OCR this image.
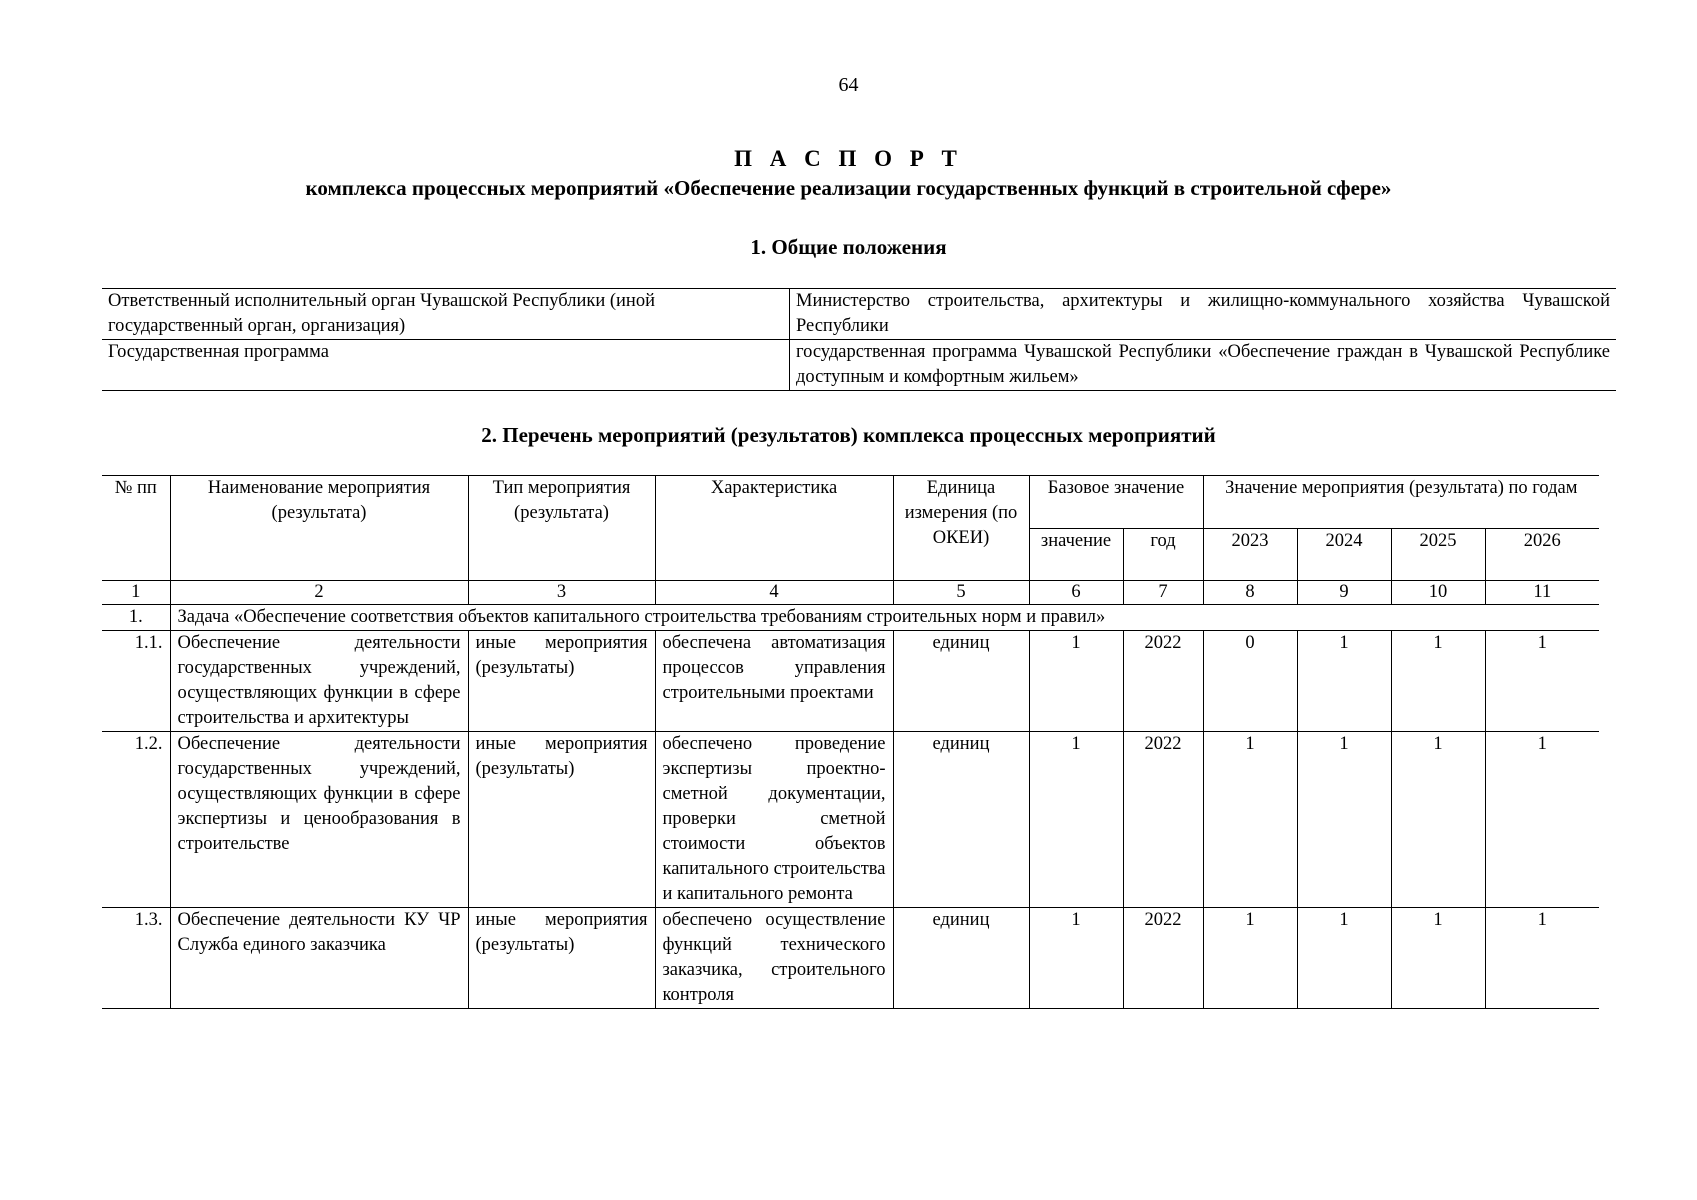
64
П А С П О Р Т
комплекса процессных мероприятий «Обеспечение реализации государственных функций в строительной сфере»
1. Общие положения
Ответственный исполнительный орган Чувашской Республики (иной государственный орган, организация)	Министерство строительства, архитектуры и жилищно-коммунального хозяйства Чувашской Республики
Государственная программа	государственная программа Чувашской Республики «Обеспечение граждан в Чувашской Республике доступным и комфортным жильем»
2. Перечень мероприятий (результатов) комплекса процессных мероприятий
№ пп	Наименование мероприятия (результата)	Тип мероприятия (результата)	Характеристика	Единица измерения (по ОКЕИ)	Базовое значение		Значение мероприятия (результата) по годам			
					значение	год	2023	2024	2025	2026
1	2	3	4	5	6	7	8	9	10	11
1.	Задача «Обеспечение соответствия объектов капитального строительства требованиям строительных норм и правил»									
1.1.	Обеспечение деятельности государственных учреждений, осуществляющих функции в сфере строительства и архитектуры	иные мероприятия (результаты)	обеспечена автоматизация процессов управления строительными проектами	единиц	1	2022	0	1	1	1
1.2.	Обеспечение деятельности государственных учреждений, осуществляющих функции в сфере экспертизы и ценообразования в строительстве	иные мероприятия (результаты)	обеспечено проведение экспертизы проектно-сметной документации, проверки сметной стоимости объектов капитального строительства и капитального ремонта	единиц	1	2022	1	1	1	1
1.3.	Обеспечение деятельности КУ ЧР Служба единого заказчика	иные мероприятия (результаты)	обеспечено осуществление функций технического заказчика, строительного контроля	единиц	1	2022	1	1	1	1
